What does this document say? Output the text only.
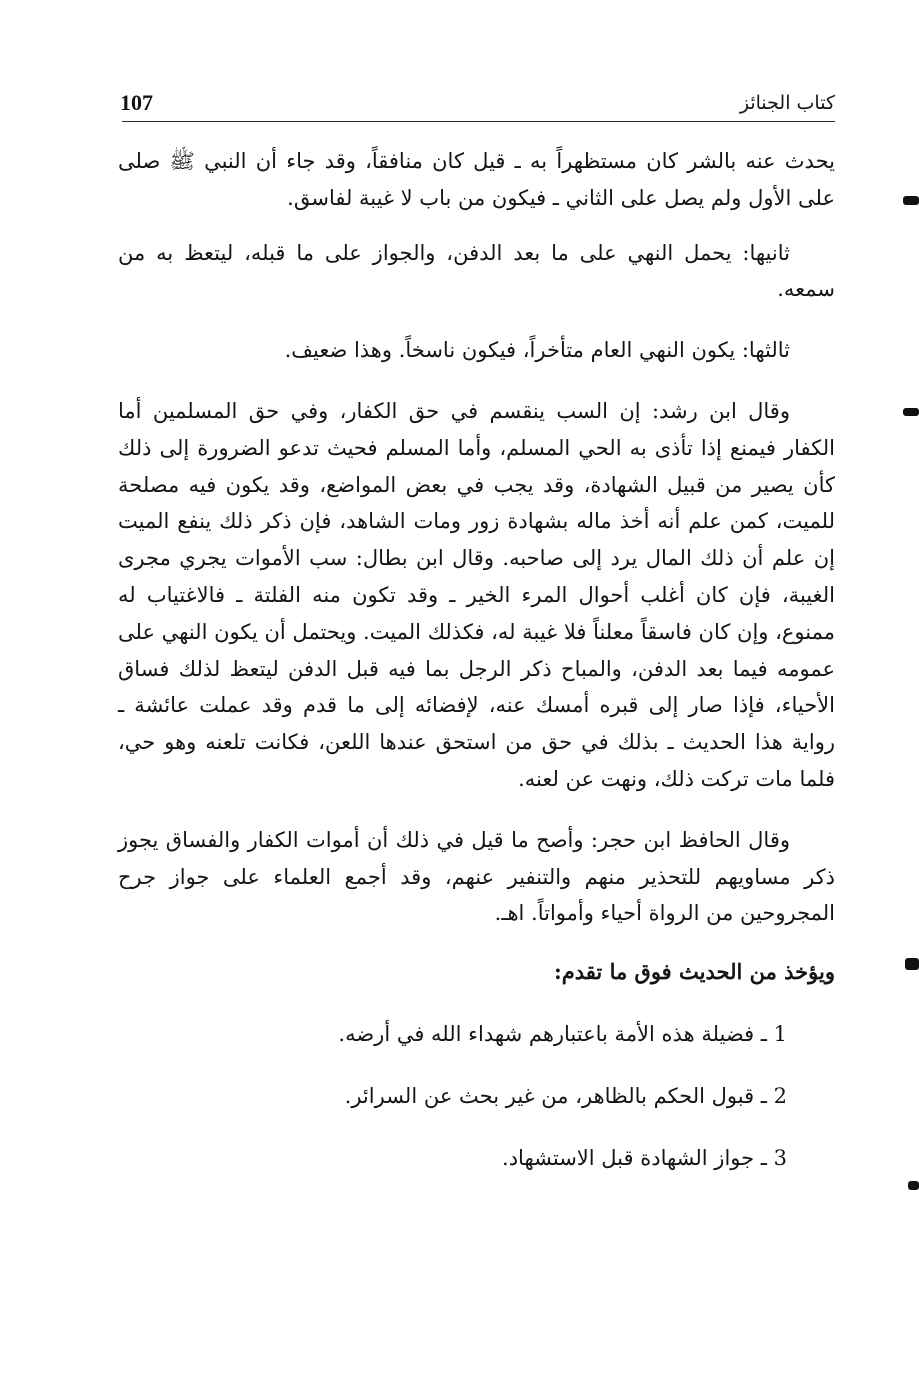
107	كتاب الجنائز

يحدث عنه بالشر كان مستظهراً به ـ قيل كان منافقاً، وقد جاء أن النبي ﷺ صلى على الأول ولم يصل على الثاني ـ فيكون من باب لا غيبة لفاسق.

ثانيها: يحمل النهي على ما بعد الدفن، والجواز على ما قبله، ليتعظ به من سمعه.

ثالثها: يكون النهي العام متأخراً، فيكون ناسخاً. وهذا ضعيف.

وقال ابن رشد: إن السب ينقسم في حق الكفار، وفي حق المسلمين أما الكفار فيمنع إذا تأذى به الحي المسلم، وأما المسلم فحيث تدعو الضرورة إلى ذلك كأن يصير من قبيل الشهادة، وقد يجب في بعض المواضع، وقد يكون فيه مصلحة للميت، كمن علم أنه أخذ ماله بشهادة زور ومات الشاهد، فإن ذكر ذلك ينفع الميت إن علم أن ذلك المال يرد إلى صاحبه. وقال ابن بطال: سب الأموات يجري مجرى الغيبة، فإن كان أغلب أحوال المرء الخير ـ وقد تكون منه الفلتة ـ فالاغتياب له ممنوع، وإن كان فاسقاً معلناً فلا غيبة له، فكذلك الميت. ويحتمل أن يكون النهي على عمومه فيما بعد الدفن، والمباح ذكر الرجل بما فيه قبل الدفن ليتعظ لذلك فساق الأحياء، فإذا صار إلى قبره أمسك عنه، لإفضائه إلى ما قدم وقد عملت عائشة ـ رواية هذا الحديث ـ بذلك في حق من استحق عندها اللعن، فكانت تلعنه وهو حي، فلما مات تركت ذلك، ونهت عن لعنه.

وقال الحافظ ابن حجر: وأصح ما قيل في ذلك أن أموات الكفار والفساق يجوز ذكر مساويهم للتحذير منهم والتنفير عنهم، وقد أجمع العلماء على جواز جرح المجروحين من الرواة أحياء وأمواتاً. اهـ.

ويؤخذ من الحديث فوق ما تقدم:

1 ـ فضيلة هذه الأمة باعتبارهم شهداء الله في أرضه.

2 ـ قبول الحكم بالظاهر، من غير بحث عن السرائر.

3 ـ جواز الشهادة قبل الاستشهاد.
